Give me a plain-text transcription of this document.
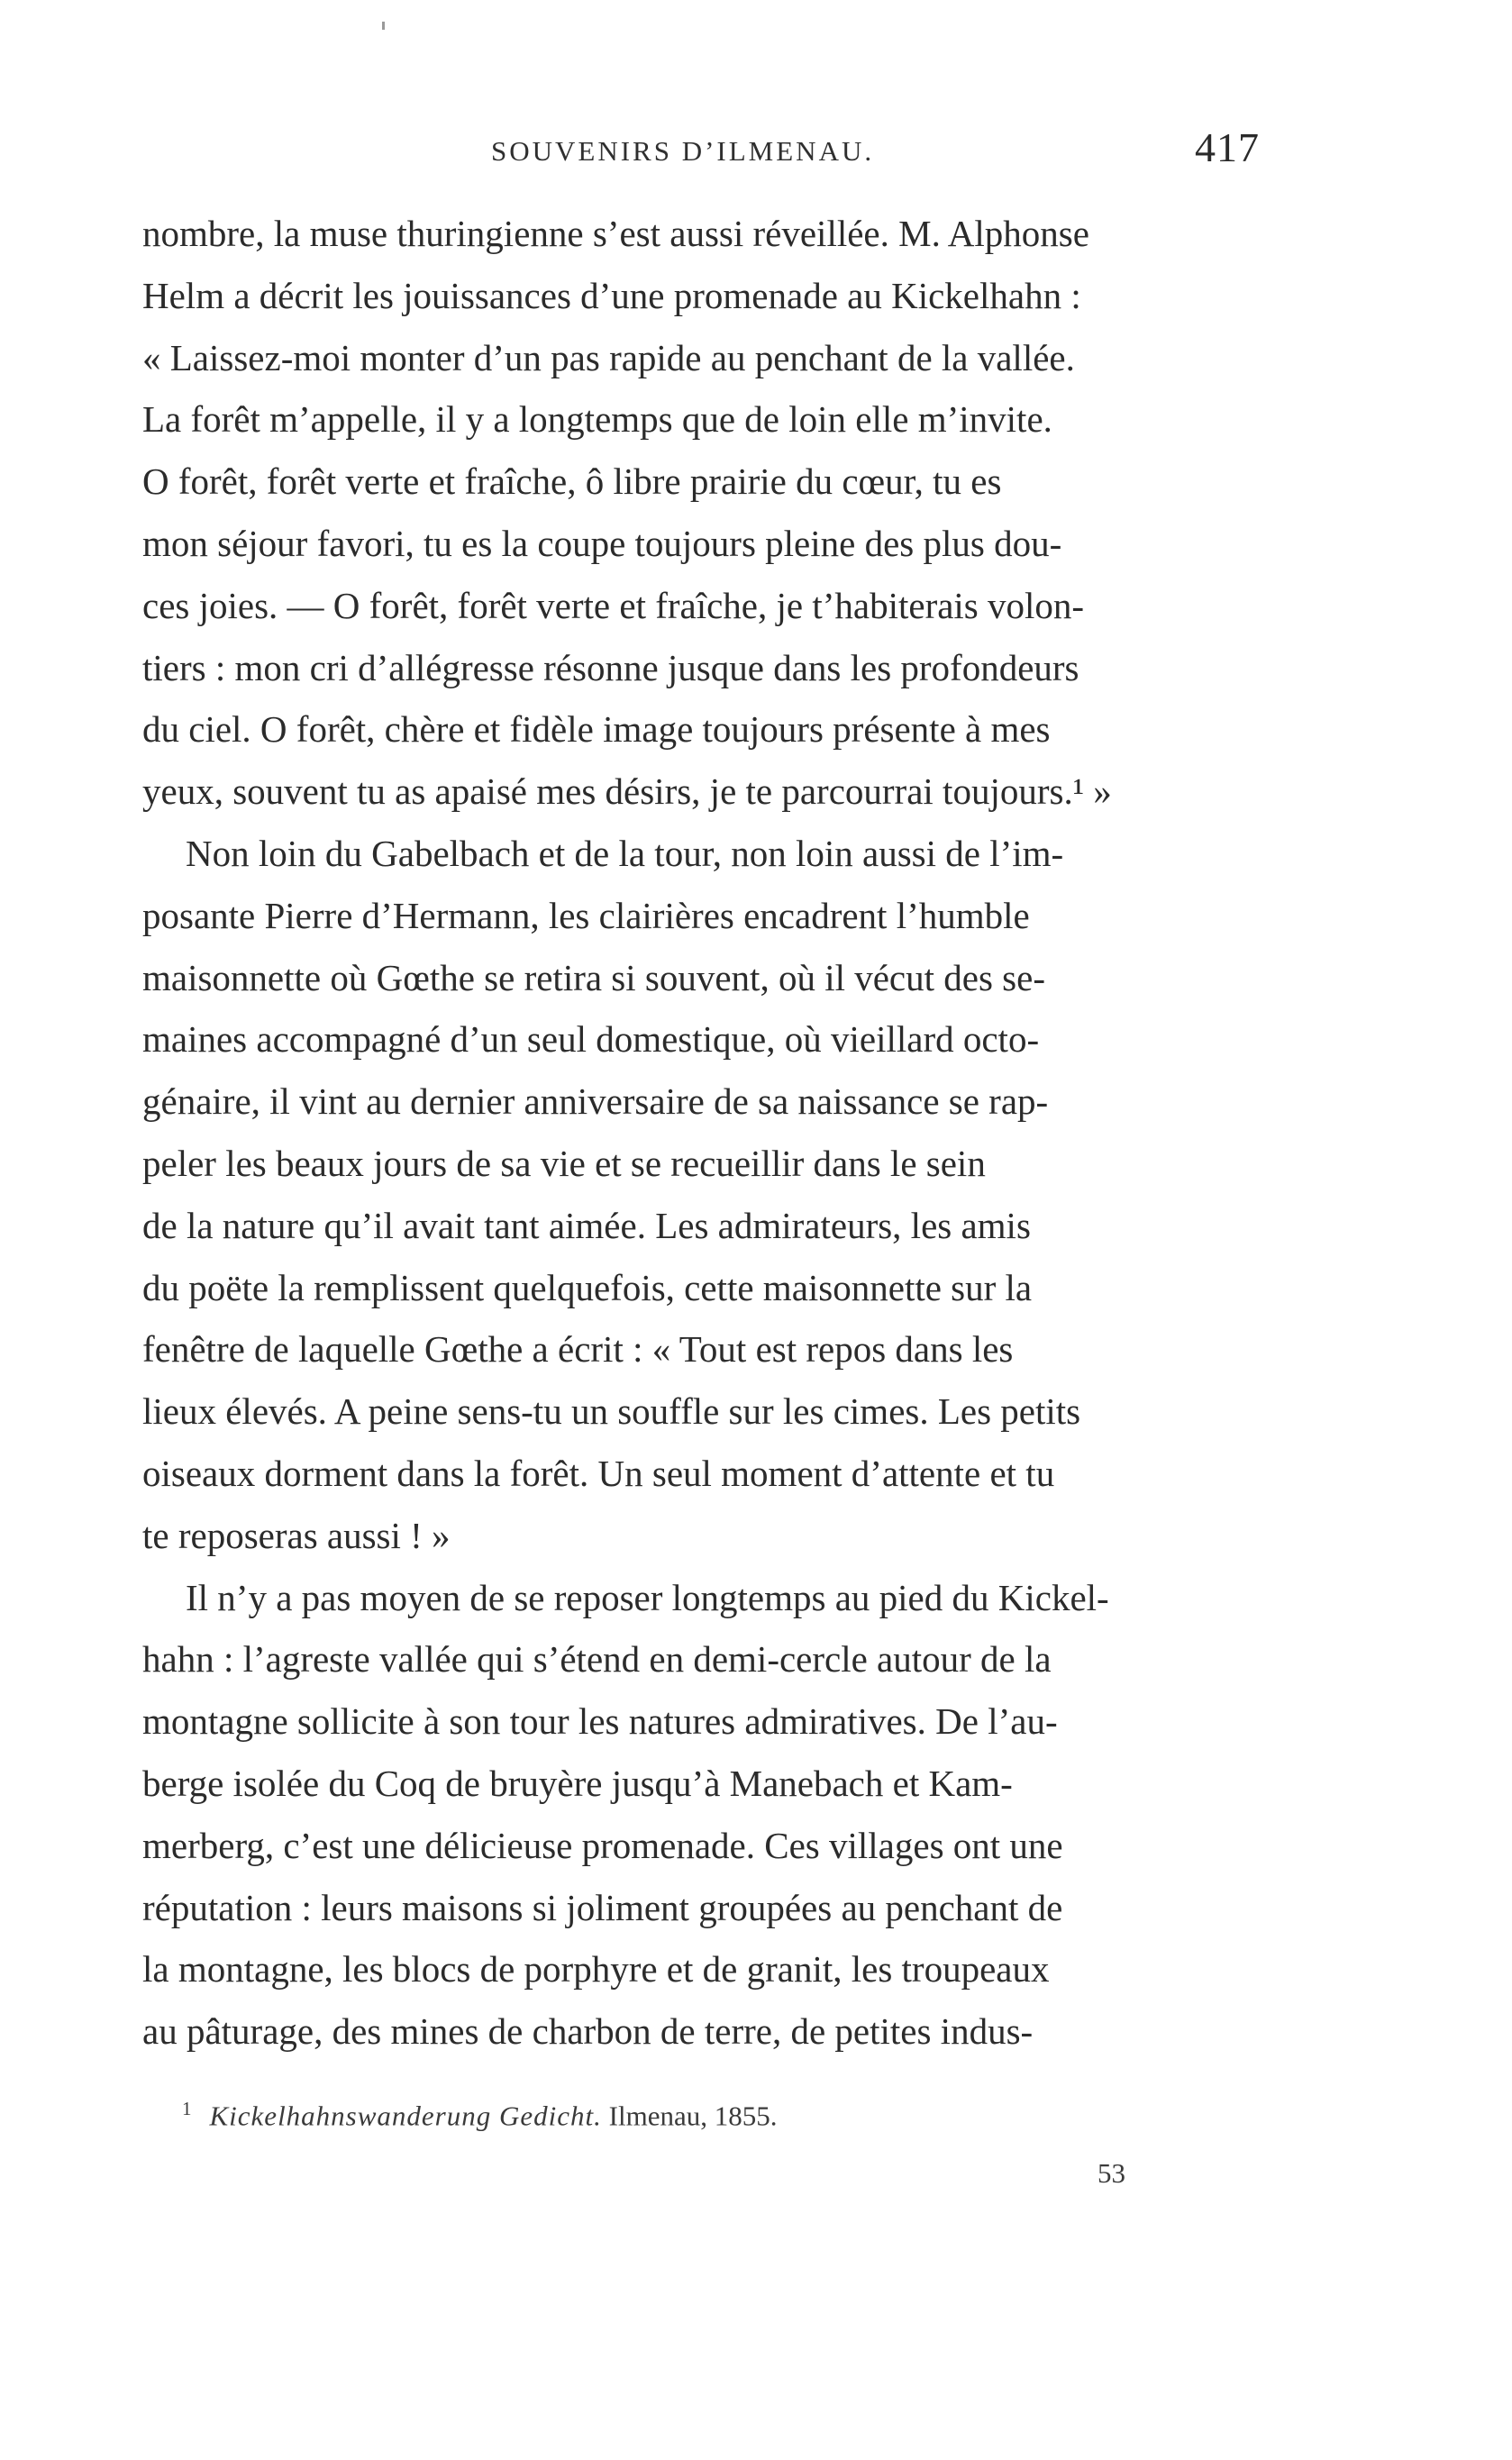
SOUVENIRS D’ILMENAU.	417
nombre, la muse thuringienne s’est aussi réveillée. M. Alphonse
Helm a décrit les jouissances d’une promenade au Kickelhahn :
« Laissez-moi monter d’un pas rapide au penchant de la vallée.
La forêt m’appelle, il y a longtemps que de loin elle m’invite.
O forêt, forêt verte et fraîche, ô libre prairie du cœur, tu es
mon séjour favori, tu es la coupe toujours pleine des plus dou-
ces joies. — O forêt, forêt verte et fraîche, je t’habiterais volon-
tiers : mon cri d’allégresse résonne jusque dans les profondeurs
du ciel. O forêt, chère et fidèle image toujours présente à mes
yeux, souvent tu as apaisé mes désirs, je te parcourrai toujours.¹ »
Non loin du Gabelbach et de la tour, non loin aussi de l’im-
posante Pierre d’Hermann, les clairières encadrent l’humble
maisonnette où Gœthe se retira si souvent, où il vécut des se-
maines accompagné d’un seul domestique, où vieillard octo-
génaire, il vint au dernier anniversaire de sa naissance se rap-
peler les beaux jours de sa vie et se recueillir dans le sein
de la nature qu’il avait tant aimée. Les admirateurs, les amis
du poëte la remplissent quelquefois, cette maisonnette sur la
fenêtre de laquelle Gœthe a écrit : « Tout est repos dans les
lieux élevés. A peine sens-tu un souffle sur les cimes. Les petits
oiseaux dorment dans la forêt. Un seul moment d’attente et tu
te reposeras aussi ! »
Il n’y a pas moyen de se reposer longtemps au pied du Kickel-
hahn : l’agreste vallée qui s’étend en demi-cercle autour de la
montagne sollicite à son tour les natures admiratives. De l’au-
berge isolée du Coq de bruyère jusqu’à Manebach et Kam-
merberg, c’est une délicieuse promenade. Ces villages ont une
réputation : leurs maisons si joliment groupées au penchant de
la montagne, les blocs de porphyre et de granit, les troupeaux
au pâturage, des mines de charbon de terre, de petites indus-
$^1$ Kickelhahnswanderung Gedicht. Ilmenau, 1855.
53
